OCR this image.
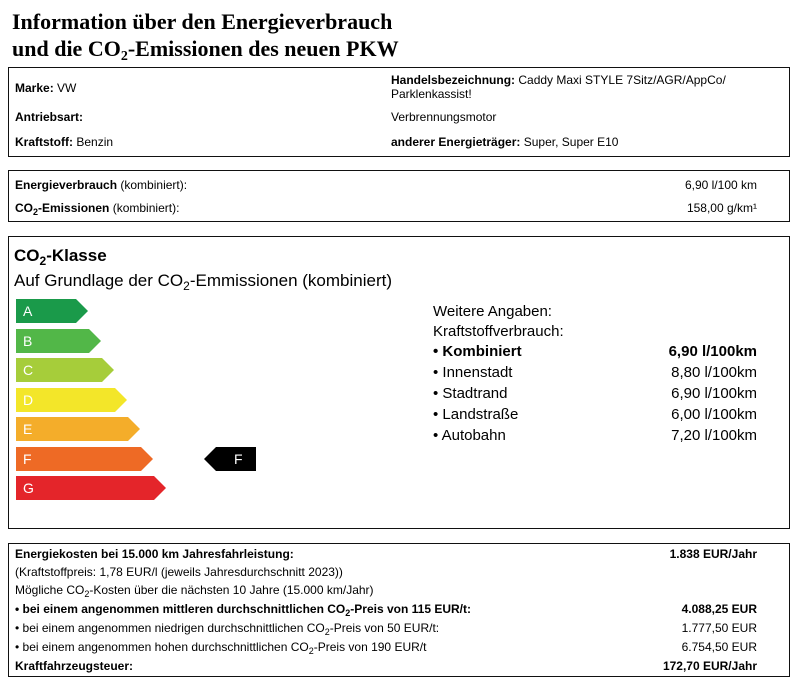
Information über den Energieverbrauch
und die $CO_2$-Emissionen des neuen PKW
Marke: VW
Handelsbezeichnung: Caddy Maxi STYLE 7Sitz/AGR/AppCo/
Parklenkassist!
Antriebsart:	Verbrennungsmotor
Kraftstoff: Benzin	anderer Energieträger: Super, Super E10
Energieverbrauch (kombiniert):	6,90 l/100 km
$CO_2$-Emissionen (kombiniert):	158,00 g/km¹
$CO_2$-Klasse
Auf Grundlage der $CO_2$-Emmissionen (kombiniert)
A
B
C
D
E
F
G
F
Weitere Angaben:
Kraftstoffverbrauch:
• Kombiniert	6,90 l/100km
• Innenstadt	8,80 l/100km
• Stadtrand	6,90 l/100km
• Landstraße	6,00 l/100km
• Autobahn	7,20 l/100km
Energiekosten bei 15.000 km Jahresfahrleistung:	1.838 EUR/Jahr
(Kraftstoffpreis: 1,78 EUR/l (jeweils Jahresdurchschnitt 2023))
Mögliche $CO_2$-Kosten über die nächsten 10 Jahre (15.000 km/Jahr)
• bei einem angenommen mittleren durchschnittlichen $CO_2$-Preis von 115 EUR/t:	4.088,25 EUR
• bei einem angenommen niedrigen durchschnittlichen $CO_2$-Preis von 50 EUR/t:	1.777,50 EUR
• bei einem angenommen hohen durchschnittlichen $CO_2$-Preis von 190 EUR/t	6.754,50 EUR
Kraftfahrzeugsteuer:	172,70 EUR/Jahr
